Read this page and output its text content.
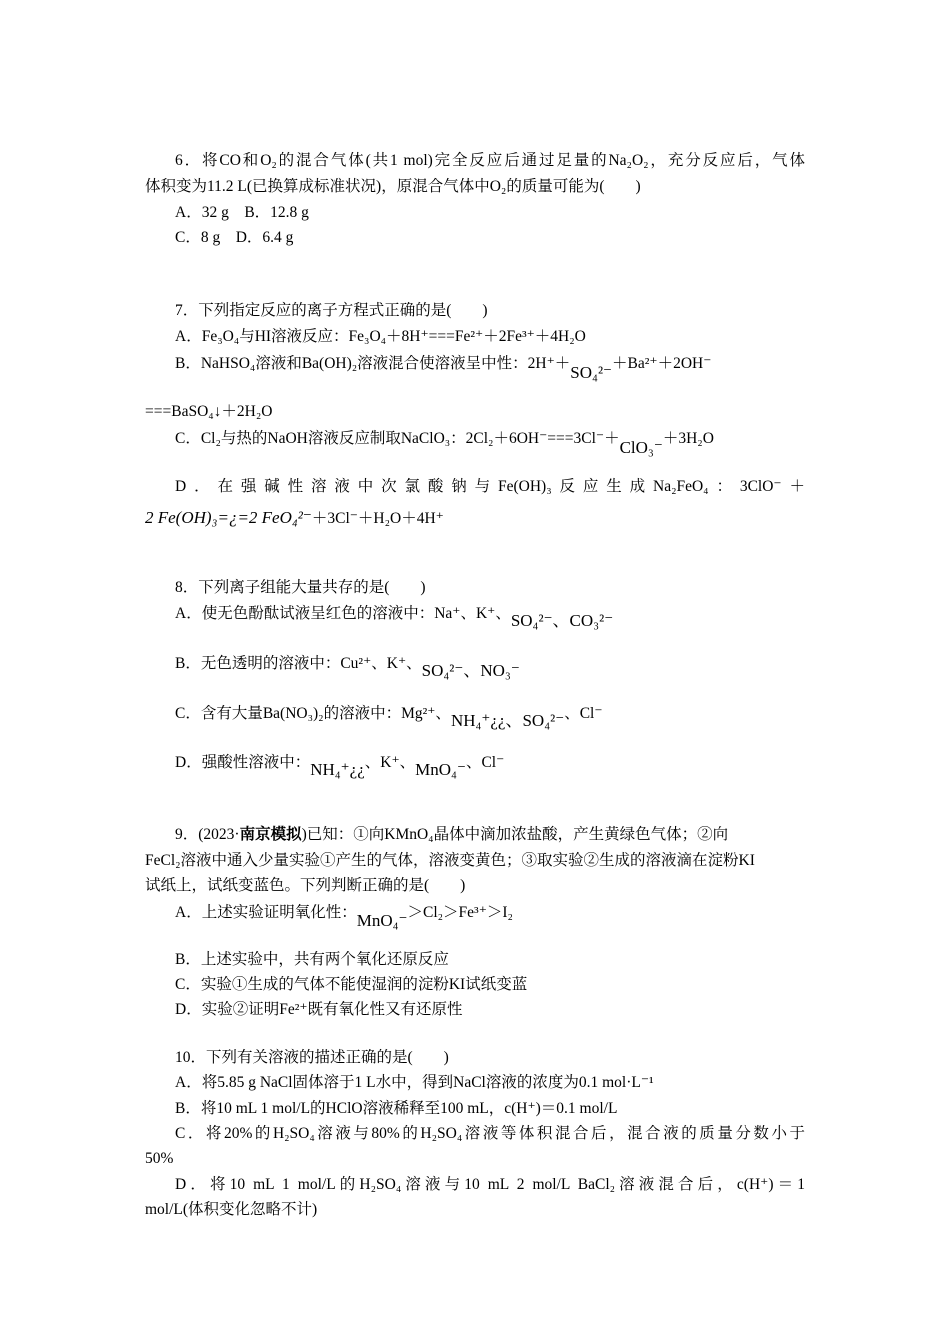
6．将CO和O₂的混合气体(共1 mol)完全反应后通过足量的Na₂O₂，充分反应后，气体
体积变为11.2 L(已换算成标准状况)，原混合气体中O₂的质量可能为(　　)
A．32 g　B．12.8 g
C．8 g　D．6.4 g
7．下列指定反应的离子方程式正确的是(　　)
A．Fe₃O₄与HI溶液反应：Fe₃O₄＋8H⁺===Fe²⁺＋2Fe³⁺＋4H₂O
B．NaHSO₄溶液和Ba(OH)₂溶液混合使溶液呈中性：2H⁺＋SO₄²⁻＋Ba²⁺＋2OH⁻
===BaSO₄↓＋2H₂O
C．Cl₂与热的NaOH溶液反应制取NaClO₃：2Cl₂＋6OH⁻===3Cl⁻＋ClO₃⁻＋3H₂O
D．在强碱性溶液中次氯酸钠与Fe(OH)₃反应生成Na₂FeO₄：3ClO⁻＋
2 Fe(OH)₃=¿=2 FeO₄²⁻＋3Cl⁻＋H₂O＋4H⁺
8．下列离子组能大量共存的是(　　)
A．使无色酚酞试液呈红色的溶液中：Na⁺、K⁺、SO₄²⁻、CO₃²⁻
B．无色透明的溶液中：Cu²⁺、K⁺、SO₄²⁻、NO₃⁻
C．含有大量Ba(NO₃)₂的溶液中：Mg²⁺、NH₄⁺¿¿、SO₄²⁻、Cl⁻
D．强酸性溶液中：NH₄⁺¿¿、K⁺、MnO₄⁻、Cl⁻
9．(2023·南京模拟)已知：①向KMnO₄晶体中滴加浓盐酸，产生黄绿色气体；②向
FeCl₂溶液中通入少量实验①产生的气体，溶液变黄色；③取实验②生成的溶液滴在淀粉KI
试纸上，试纸变蓝色。下列判断正确的是(　　)
A．上述实验证明氧化性：MnO₄⁻＞Cl₂＞Fe³⁺＞I₂
B．上述实验中，共有两个氧化还原反应
C．实验①生成的气体不能使湿润的淀粉KI试纸变蓝
D．实验②证明Fe²⁺既有氧化性又有还原性
10．下列有关溶液的描述正确的是(　　)
A．将5.85 g NaCl固体溶于1 L水中，得到NaCl溶液的浓度为0.1 mol·L⁻¹
B．将10 mL 1 mol/L的HClO溶液稀释至100 mL，c(H⁺)＝0.1 mol/L
C．将20%的H₂SO₄溶液与80%的H₂SO₄溶液等体积混合后，混合液的质量分数小于
50%
D．将10 mL 1 mol/L的H₂SO₄溶液与10 mL 2 mol/L BaCl₂溶液混合后，c(H⁺)＝1
mol/L(体积变化忽略不计)
